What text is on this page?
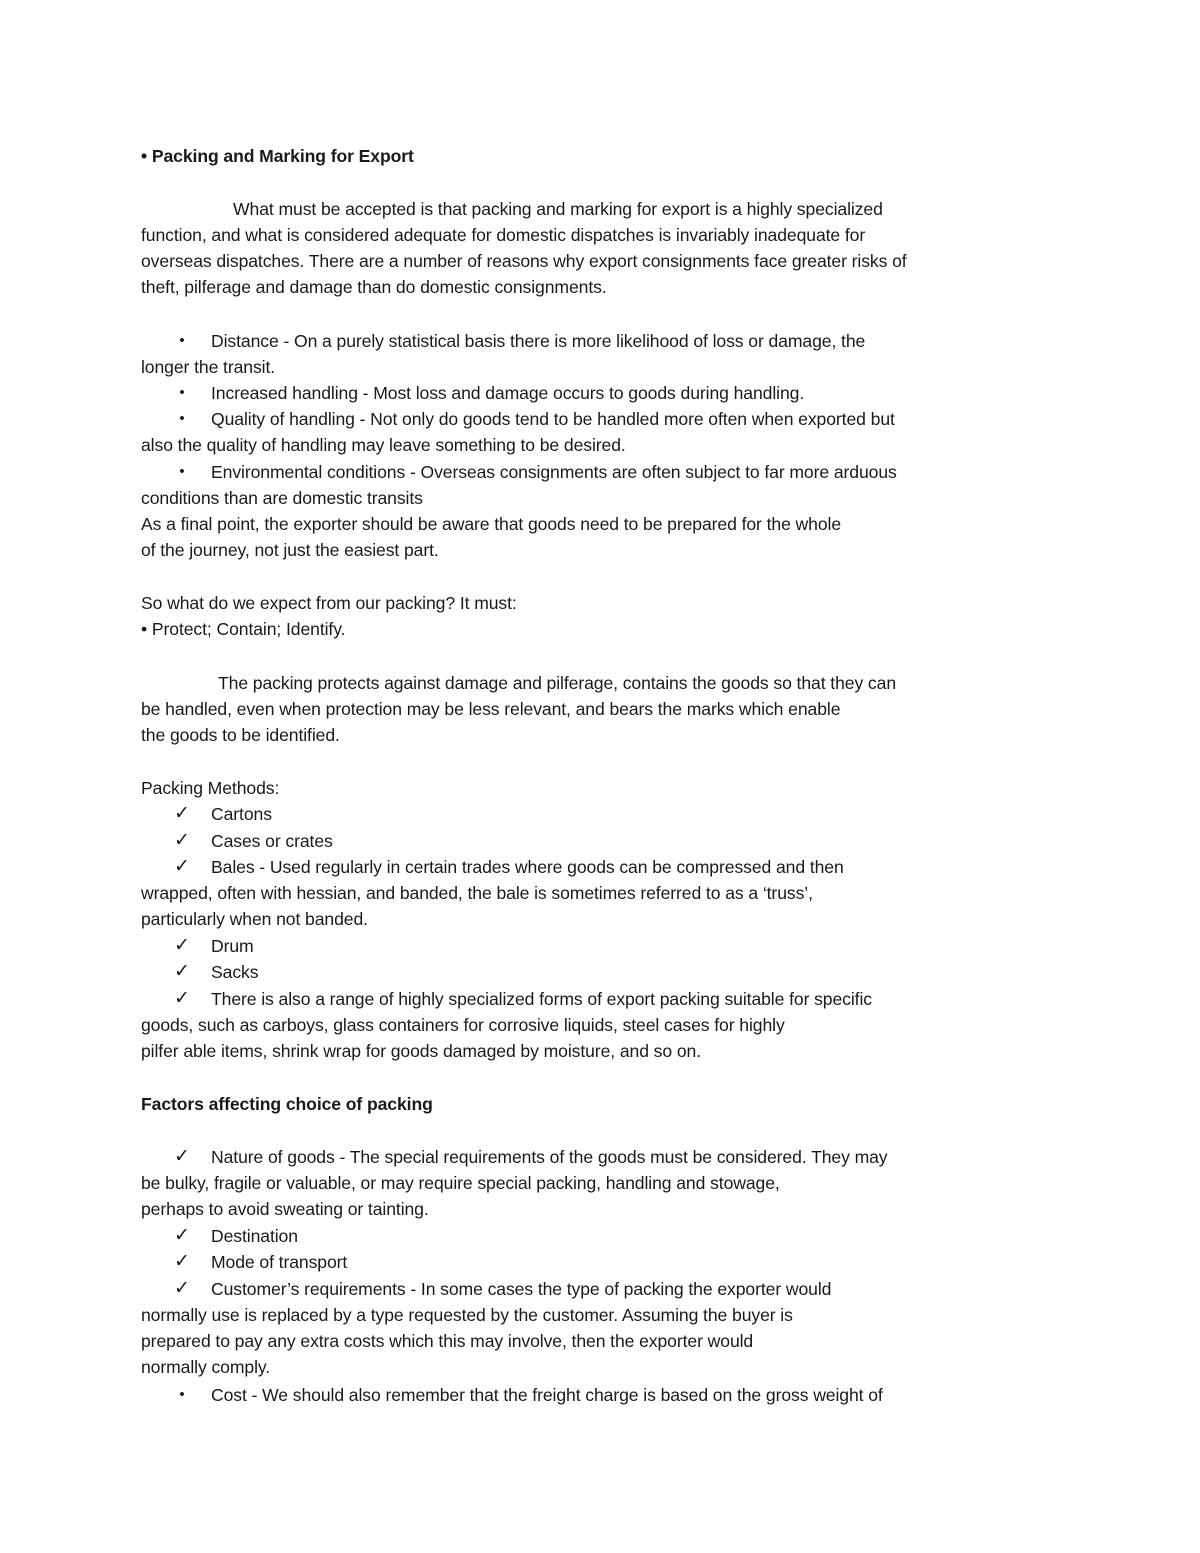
• Packing and Marking for Export
What must be accepted is that packing and marking for export is a highly specialized
function, and what is considered adequate for domestic dispatches is invariably inadequate for
overseas dispatches. There are a number of reasons why export consignments face greater risks of
theft, pilferage and damage than do domestic consignments.
•	Distance - On a purely statistical basis there is more likelihood of loss or damage, the
longer the transit.
•	Increased handling - Most loss and damage occurs to goods during handling.
•	Quality of handling - Not only do goods tend to be handled more often when exported but
also the quality of handling may leave something to be desired.
•	Environmental conditions - Overseas consignments are often subject to far more arduous
conditions than are domestic transits
As a final point, the exporter should be aware that goods need to be prepared for the whole
of the journey, not just the easiest part.
So what do we expect from our packing? It must:
• Protect; Contain; Identify.
The packing protects against damage and pilferage, contains the goods so that they can
be handled, even when protection may be less relevant, and bears the marks which enable
the goods to be identified.
Packing Methods:
✓ Cartons
✓ Cases or crates
✓ Bales - Used regularly in certain trades where goods can be compressed and then
wrapped, often with hessian, and banded, the bale is sometimes referred to as a ‘truss’,
particularly when not banded.
✓ Drum
✓ Sacks
✓ There is also a range of highly specialized forms of export packing suitable for specific
goods, such as carboys, glass containers for corrosive liquids, steel cases for highly
pilfer able items, shrink wrap for goods damaged by moisture, and so on.
Factors affecting choice of packing
✓ Nature of goods - The special requirements of the goods must be considered. They may
be bulky, fragile or valuable, or may require special packing, handling and stowage,
perhaps to avoid sweating or tainting.
✓ Destination
✓ Mode of transport
✓ Customer’s requirements - In some cases the type of packing the exporter would
normally use is replaced by a type requested by the customer. Assuming the buyer is
prepared to pay any extra costs which this may involve, then the exporter would
normally comply.
•	Cost - We should also remember that the freight charge is based on the gross weight of
